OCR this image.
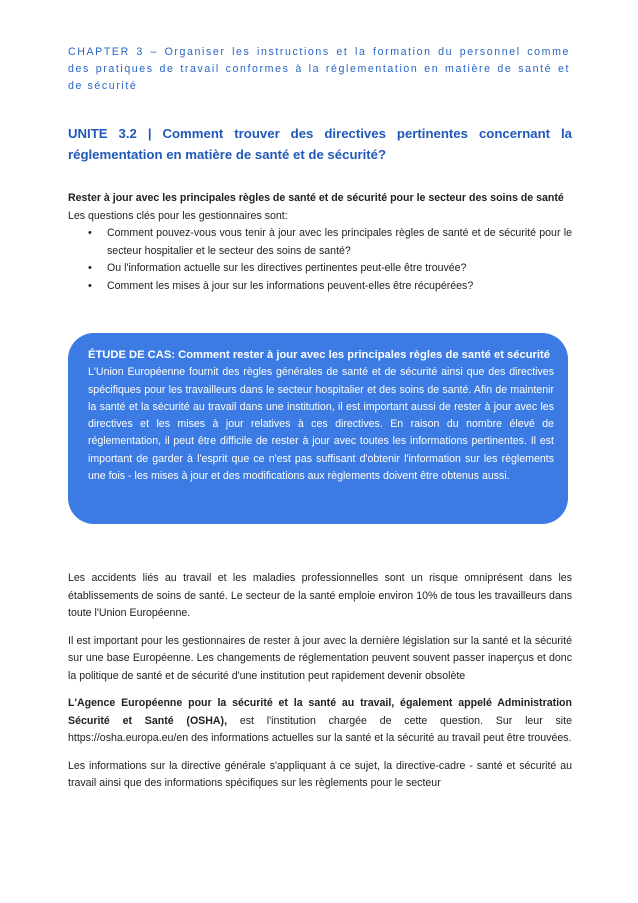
CHAPTER 3 – Organiser les instructions et la formation du personnel comme des pratiques de travail conformes à la réglementation en matière de santé et de sécurité
UNITE 3.2 | Comment trouver des directives pertinentes concernant la réglementation en matière de santé et de sécurité?
Rester à jour avec les principales règles de santé et de sécurité pour le secteur des soins de santé
Les questions clés pour les gestionnaires sont:
• Comment pouvez-vous vous tenir à jour avec les principales règles de santé et de sécurité pour le secteur hospitalier et le secteur des soins de santé?
• Ou l'information actuelle sur les directives pertinentes peut-elle être trouvée?
• Comment les mises à jour sur les informations peuvent-elles être récupérées?
ÉTUDE DE CAS: Comment rester à jour avec les principales règles de santé et sécurité
L'Union Européenne fournit des règles générales de santé et de sécurité ainsi que des directives spécifiques pour les travailleurs dans le secteur hospitalier et des soins de santé. Afin de maintenir la santé et la sécurité au travail dans une institution, il est important aussi de rester à jour avec les directives et les mises à jour relatives à ces directives. En raison du nombre élevé de réglementation, il peut être difficile de rester à jour avec toutes les informations pertinentes. Il est important de garder à l'esprit que ce n'est pas suffisant d'obtenir l'information sur les règlements une fois - les mises à jour et des modifications aux règlements doivent être obtenus aussi.

Les accidents liés au travail et les maladies professionnelles sont un risque omniprésent dans les établissements de soins de santé. Le secteur de la santé emploie environ 10% de tous les travailleurs dans toute l'Union Européenne.

Il est important pour les gestionnaires de rester à jour avec la dernière législation sur la santé et la sécurité sur une base Européenne. Les changements de réglementation peuvent souvent passer inaperçus et donc la politique de santé et de sécurité d'une institution peut rapidement devenir obsolète

L'Agence Européenne pour la sécurité et la santé au travail, également appelé Administration Sécurité et Santé (OSHA), est l'institution chargée de cette question. Sur leur site https://osha.europa.eu/en des informations actuelles sur la santé et la sécurité au travail peut être trouvées.

Les informations sur la directive générale s'appliquant à ce sujet, la directive-cadre - santé et sécurité au travail ainsi que des informations spécifiques sur les règlements pour le secteur
